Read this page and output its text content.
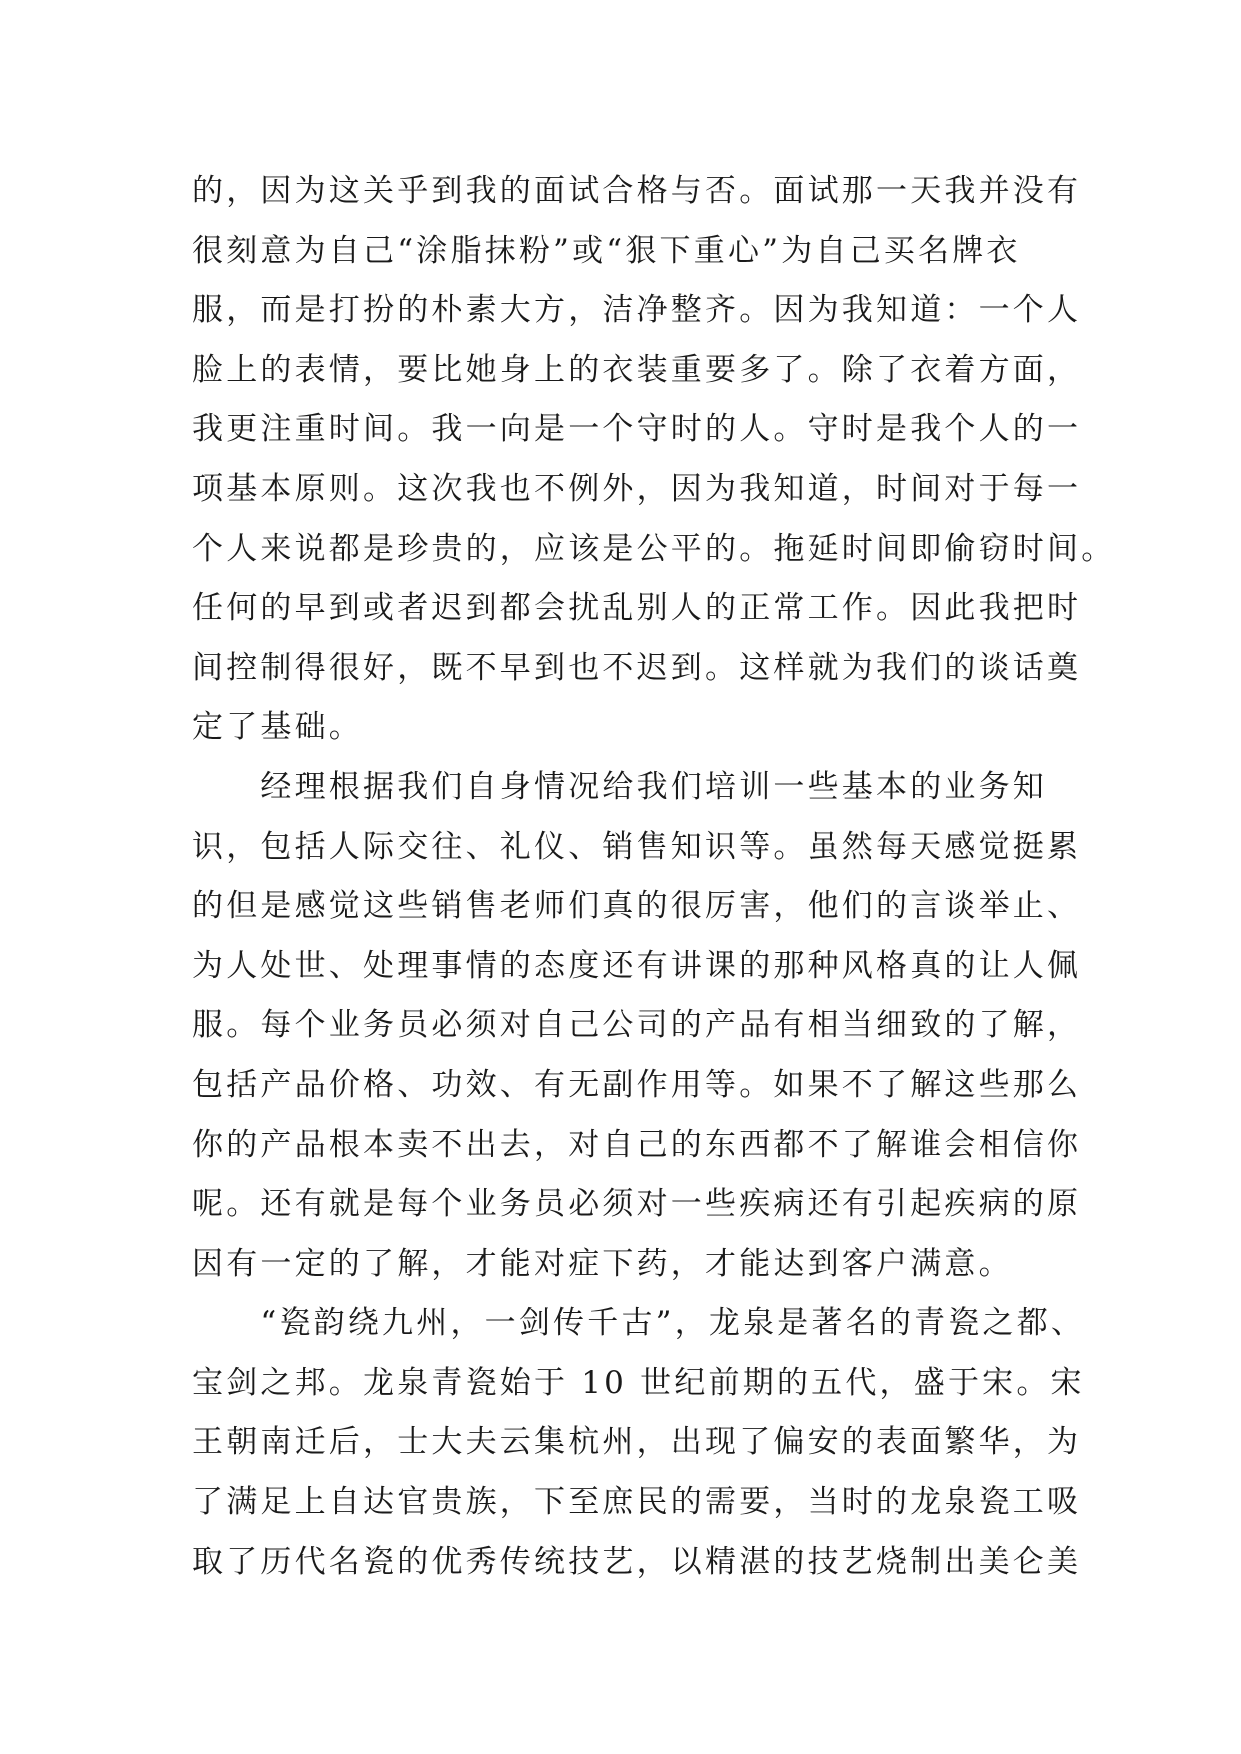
的，因为这关乎到我的面试合格与否。面试那一天我并没有
很刻意为自己“涂脂抹粉”或“狠下重心”为自己买名牌衣
服，而是打扮的朴素大方，洁净整齐。因为我知道：一个人
脸上的表情，要比她身上的衣装重要多了。除了衣着方面，
我更注重时间。我一向是一个守时的人。守时是我个人的一
项基本原则。这次我也不例外，因为我知道，时间对于每一
个人来说都是珍贵的，应该是公平的。拖延时间即偷窃时间。
任何的早到或者迟到都会扰乱别人的正常工作。因此我把时
间控制得很好，既不早到也不迟到。这样就为我们的谈话奠
定了基础。
　　经理根据我们自身情况给我们培训一些基本的业务知
识，包括人际交往、礼仪、销售知识等。虽然每天感觉挺累
的但是感觉这些销售老师们真的很厉害，他们的言谈举止、
为人处世、处理事情的态度还有讲课的那种风格真的让人佩
服。每个业务员必须对自己公司的产品有相当细致的了解，
包括产品价格、功效、有无副作用等。如果不了解这些那么
你的产品根本卖不出去，对自己的东西都不了解谁会相信你
呢。还有就是每个业务员必须对一些疾病还有引起疾病的原
因有一定的了解，才能对症下药，才能达到客户满意。
　　“瓷韵绕九州，一剑传千古”，龙泉是著名的青瓷之都、
宝剑之邦。龙泉青瓷始于 10 世纪前期的五代，盛于宋。宋
王朝南迁后，士大夫云集杭州，出现了偏安的表面繁华，为
了满足上自达官贵族，下至庶民的需要，当时的龙泉瓷工吸
取了历代名瓷的优秀传统技艺，以精湛的技艺烧制出美仑美
